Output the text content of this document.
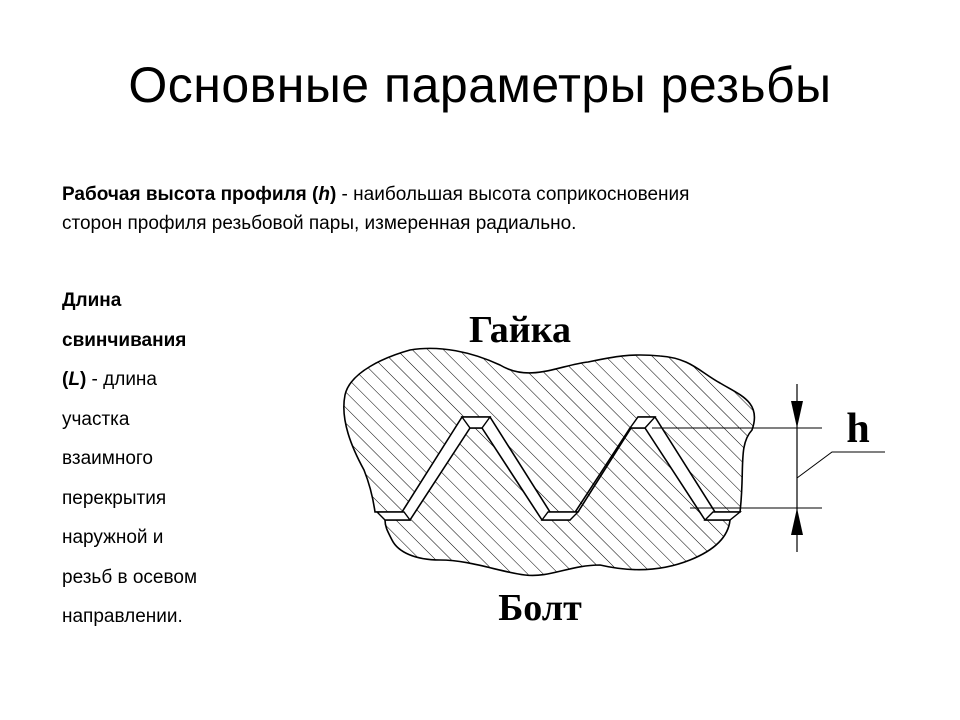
Основные параметры резьбы

Рабочая высота профиля (h) - наибольшая высота соприкосновения
сторон профиля резьбовой пары, измеренная радиально.

Длина
свинчивания
(L) - длина
участка
взаимного
перекрытия
наружной и
резьб в осевом
направлении.

Гайка
Болт
h
